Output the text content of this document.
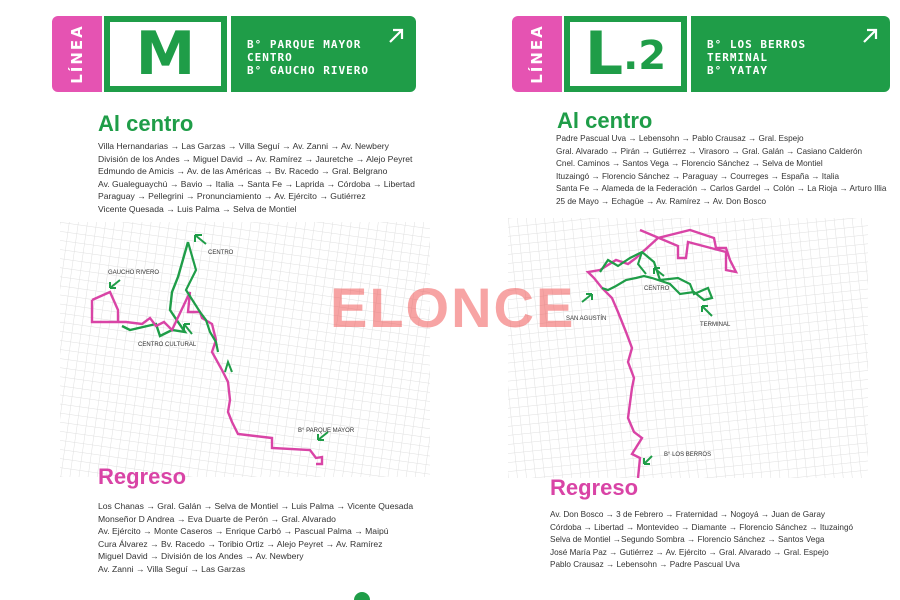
LÍNEA M	B° PARQUE MAYOR
CENTRO
B° GAUCHO RIVERO
Al centro
Villa Hernandarias → Las Garzas → Villa Seguí → Av. Zanni → Av. Newbery
División de los Andes → Miguel David → Av. Ramírez → Jauretche → Alejo Peyret
Edmundo de Amicis → Av. de las Américas → Bv. Racedo → Gral. Belgrano
Av. Gualeguaychú → Bavio → Italia → Santa Fe → Laprida → Córdoba → Libertad
Paraguay → Pellegrini → Pronunciamiento → Av. Ejército → Gutiérrez
Vicente Quesada → Luis Palma → Selva de Montiel
GAUCHO RIVERO
CENTRO
CENTRO CULTURAL
B° PARQUE MAYOR
Regreso
Los Chanas → Gral. Galán → Selva de Montiel → Luis Palma → Vicente Quesada
Monseñor D Andrea → Eva Duarte de Perón → Gral. Alvarado
Av. Ejército → Monte Caseros → Enrique Carbó → Pascual Palma → Maipú
Cura Álvarez → Bv. Racedo → Toribio Ortiz → Alejo Peyret → Av. Ramírez
Miguel David → División de los Andes → Av. Newbery
Av. Zanni → Villa Seguí → Las Garzas
LÍNEA L .2	B° LOS BERROS
TERMINAL
B° YATAY
Al centro
Padre Pascual Uva → Lebensohn → Pablo Crausaz → Gral. Espejo
Gral. Alvarado → Pirán → Gutiérrez → Virasoro → Gral. Galán → Casiano Calderón
Cnel. Caminos → Santos Vega → Florencio Sánchez → Selva de Montiel
Ituzaingó → Florencio Sánchez → Paraguay → Courreges → España → Italia
Santa Fe → Alameda de la Federación → Carlos Gardel → Colón → La Rioja → Arturo Illia
25 de Mayo → Echagüe → Av. Ramírez → Av. Don Bosco
CENTRO
SAN AGUSTÍN
TERMINAL
B° LOS BERROS
Regreso
Av. Don Bosco → 3 de Febrero → Fraternidad → Nogoyá → Juan de Garay
Córdoba → Libertad → Montevideo → Diamante → Florencio Sánchez → Ituzaingó
Selva de Montiel →Segundo Sombra → Florencio Sánchez → Santos Vega
José María Paz → Gutiérrez → Av. Ejército → Gral. Alvarado → Gral. Espejo
Pablo Crausaz → Lebensohn → Padre Pascual Uva
ELONCE
